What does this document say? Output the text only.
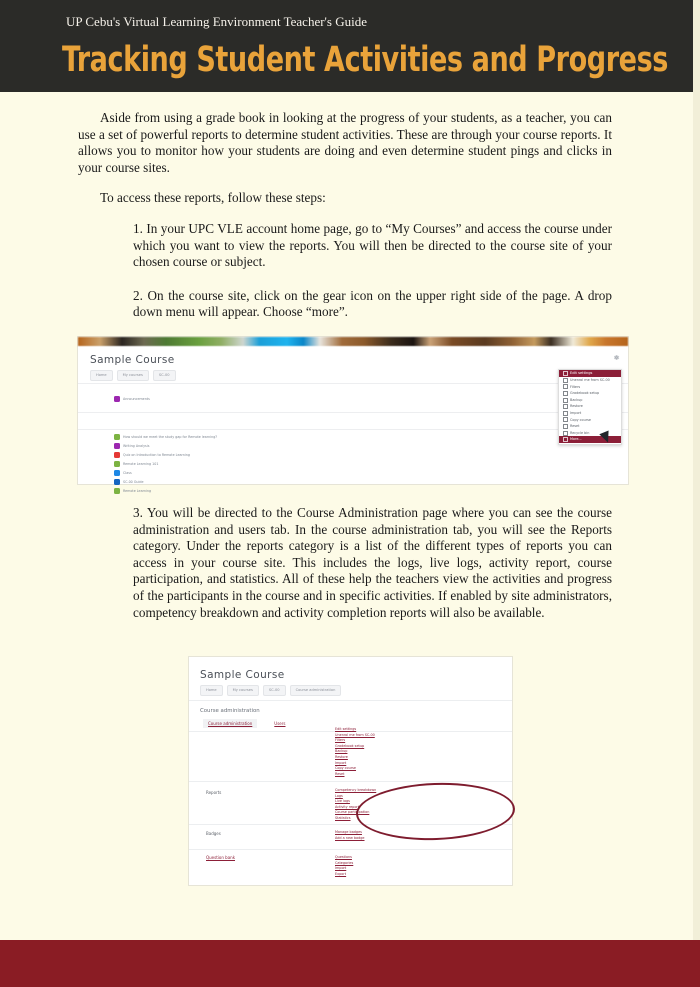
Tracking Student Activities and Progress

Aside from using a grade book in looking at the progress of your students, as a teacher, you can use a set of powerful reports to determine student activities. These are through your course reports. It allows you to monitor how your students are doing and even determine student pings and clicks in your course sites.

To access these reports, follow these steps:

1. In your UPC VLE account home page, go to “My Courses” and access the course under which you want to view the reports. You will then be directed to the course site of your chosen course or subject.

2. On the course site, click on the gear icon on the upper right side of the page. A drop down menu will appear. Choose “more”.

Sample Course
Home	My courses	SC-00
Announcements
How should we meet the study gap for Remote learning?
Writing Analysis
Quiz on Introduction to Remote Learning
Remote Learning 101
Class
SC-00 Guide
Remote Learning
Edit settings
Unenrol me from SC-00
Filters
Gradebook setup
Backup
Restore
Import
Copy course
Reset
Recycle bin
More...

3. You will be directed to the Course Administration page where you can see the course administration and users tab. In the course administration tab, you will see the Reports category. Under the reports category is a list of the different types of reports you can access in your course site. This includes the logs, live logs, activity report, course participation, and statistics. All of these help the teachers view the activities and progress of the participants in the course and in specific activities. If enabled by site administrators, competency breakdown and activity completion reports will also be available.

Sample Course
Home	My courses	SC-00	Course administration
Course administration
Course administration	Users
Edit settings
Unenrol me from SC-00
Filters
Gradebook setup
Backup
Restore
Import
Copy course
Reset
Reports	Competency breakdown
Logs
Live logs
Activity report
Course participation
Statistics
Badges	Manage badges
Add a new badge
Question bank	Questions
Categories
Import
Export
UP Cebu's Virtual Learning Environment Teacher's Guide
